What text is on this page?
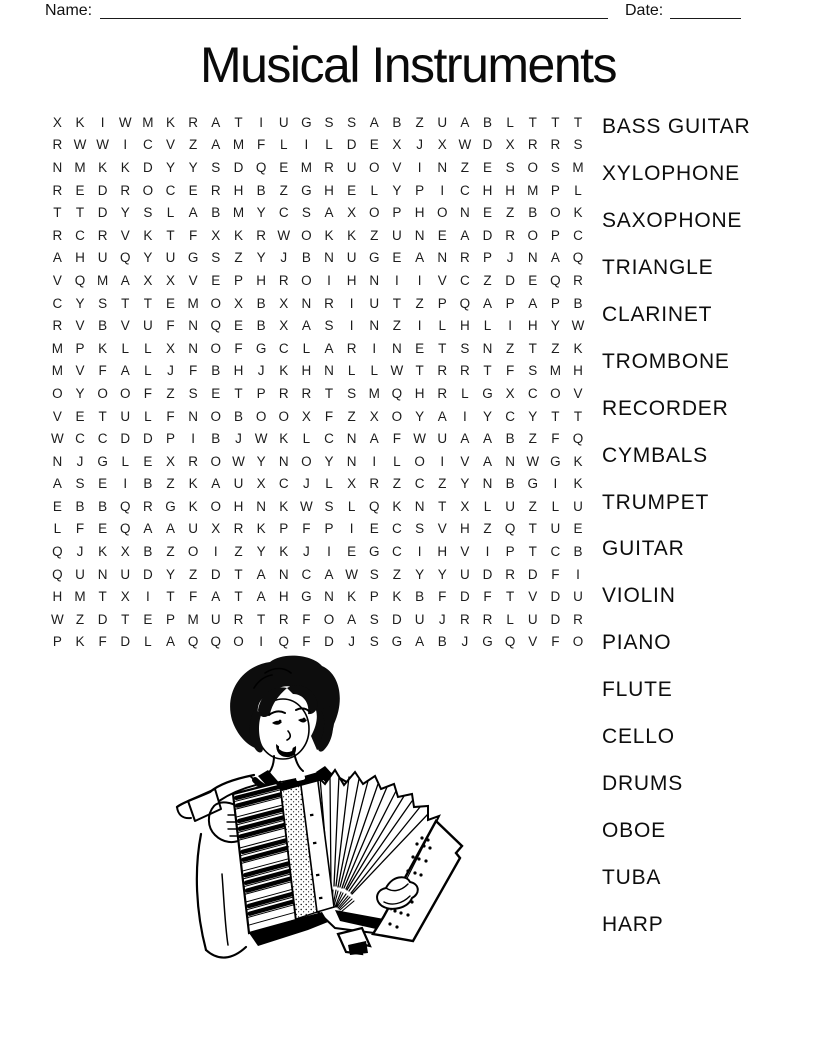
Name:	Date:
Musical Instruments
X	K	I	W M K R A	T	I	U G S	S	A	B	Z	U A	B	L	T	T	T
R W W	I	C V	Z	A M F	L	I	L	D E	X	J	X W D X R R S
N M K	K D Y	Y	S D Q E M R U O V	I	N	Z	E	S O S M
R E D R O C E R H B	Z G H E	L	Y	P	I	C H H M P	L
T	T	D Y	S	L	A	B M Y C S	A	X O P H O N E	Z	B O K
R C R V	K	T	F	X	K R W O K	K	Z	U N E	A D R O P C
A H U Q Y U G S	Z	Y	J	B N U G E	A N R P	J	N A Q
V Q M A	X	X	V	E	P H R O	I	H N	I	I	V C	Z	D E Q R
C Y	S	T	T	E M O X	B	X N R	I	U	T	Z	P Q A	P	A	P	B
R V	B	V U	F	N Q E	B	X	A	S	I	N	Z	I	L	H	L	I	H Y W
M P	K	L	L	X N O F G C	L	A R	I	N E	T	S N	Z	T	Z	K
M V	F	A	L	J	F	B H	J	K H N	L	L W T	R R	T	F	S M H
O Y O O F	Z	S	E	T	P R R	T	S M Q H R	L	G X C O V
V	E	T	U	L	F	N O B O O X	F	Z	X O Y	A	I	Y C Y	T	T
W C C D D P	I	B	J W K	L	C N A	F W U A	A	B	Z	F Q
N	J	G	L	E	X R O W Y N O Y N	I	L	O	I	V	A N W G K
A	S	E	I	B	Z	K	A U X C	J	L	X R	Z	C	Z	Y N B G	I	K
E	B	B Q R G K O H N K W S	L	Q K N	T	X	L	U	Z	L	U
L	F	E Q A	A U X R K	P	F	P	I	E C S	V H	Z Q T	U E
Q	J	K	X	B	Z O	I	Z	Y	K	J	I	E G C	I	H V	I	P	T	C B
Q U N U D Y	Z	D	T	A N C A W S	Z	Y	Y U D R D	F	I
H M T	X	I	T	F	A	T	A H G N K	P	K	B	F	D	F	T	V D U
W Z	D	T	E	P M U R	T	R	F O A	S D U	J	R R	L	U D R
P	K	F	D	L	A Q Q O	I	Q F	D	J	S G A	B	J	G Q V	F O
BASS GUITAR
XYLOPHONE
SAXOPHONE
TRIANGLE
CLARINET
TROMBONE
RECORDER
CYMBALS
TRUMPET
GUITAR
VIOLIN
PIANO
FLUTE
CELLO
DRUMS
OBOE
TUBA
HARP
